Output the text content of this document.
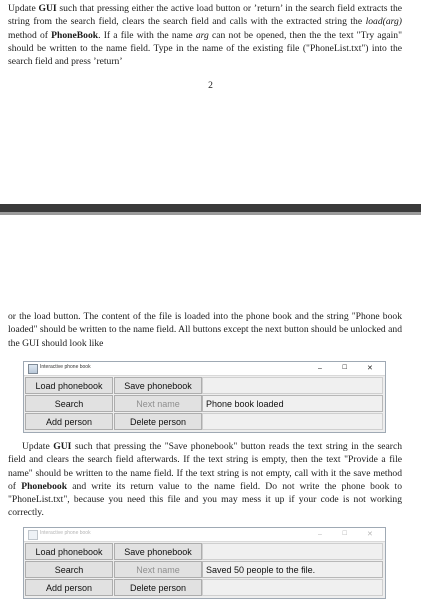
Update GUI such that pressing either the active load button or ’return’ in the search field extracts the string from the search field, clears the search field and calls with the extracted string the load(arg) method of PhoneBook. If a file with the name arg can not be opened, then the the text "Try again" should be written to the name field. Type in the name of the existing file ("PhoneList.txt") into the search field and press ’return’

2

or the load button. The content of the file is loaded into the phone book and the string "Phone book loaded" should be written to the name field. All buttons except the next button should be unlocked and the GUI should look like

Interactive phone book	–	☐	✕
Load phonebook	Save phonebook
Search	Next name	Phone book loaded
Add person	Delete person

Update GUI such that pressing the "Save phonebook" button reads the text string in the search field and clears the search field afterwards. If the text string is empty, then the text "Provide a file name" should be written to the name field. If the text string is not empty, call with it the save method of Phonebook and write its return value to the name field. Do not write the phone book to "PhoneList.txt", because you need this file and you may mess it up if your code is not working correctly.

Interactive phone book	–	☐	✕
Load phonebook	Save phonebook
Search	Next name	Saved 50 people to the file.
Add person	Delete person
